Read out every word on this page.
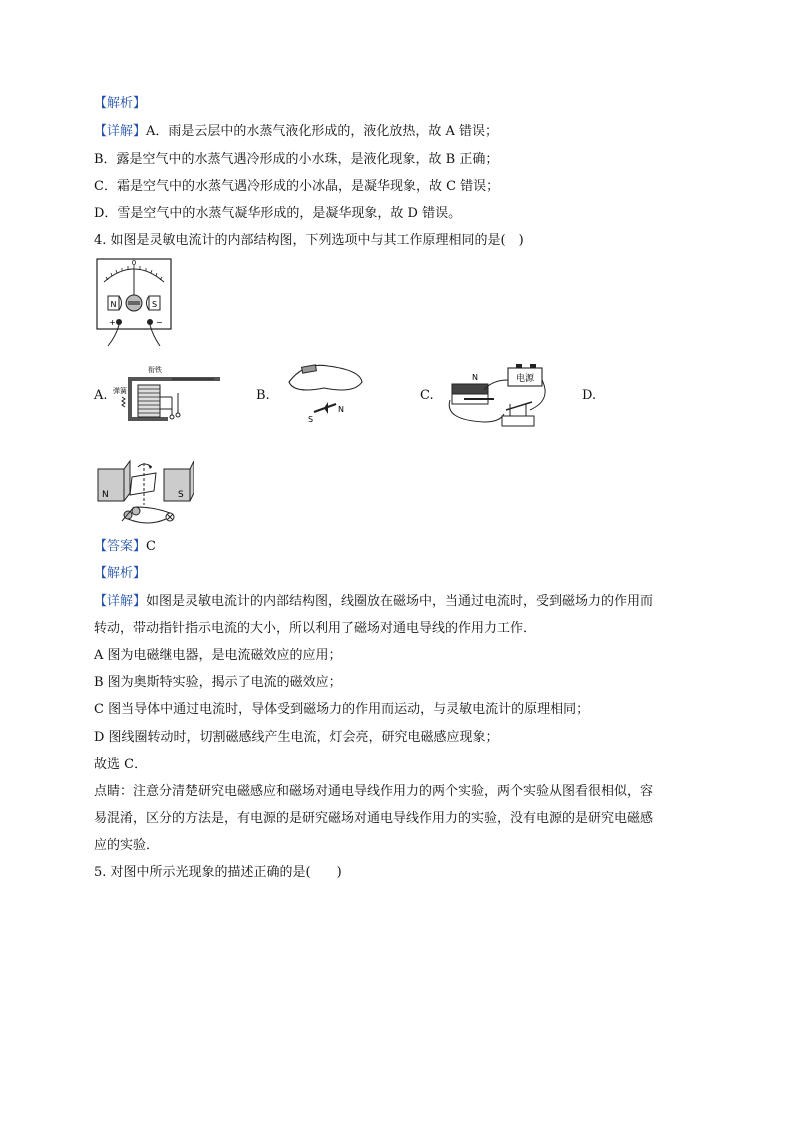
【解析】
【详解】A．雨是云层中的水蒸气液化形成的，液化放热，故 A 错误；
B．露是空气中的水蒸气遇冷形成的小水珠，是液化现象，故 B 正确；
C．霜是空气中的水蒸气遇冷形成的小冰晶，是凝华现象，故 C 错误；
D．雪是空气中的水蒸气凝华形成的，是凝华现象，故 D 错误。
4. 如图是灵敏电流计的内部结构图，下列选项中与其工作原理相同的是(　)
0
N	S
+	−
A.	B.	C.	D.
衔铁
弹簧
S
N
电源
N
N	S
【答案】C
【解析】
【详解】如图是灵敏电流计的内部结构图，线圈放在磁场中，当通过电流时，受到磁场力的作用而
转动，带动指针指示电流的大小，所以利用了磁场对通电导线的作用力工作．
A 图为电磁继电器，是电流磁效应的应用；
B 图为奥斯特实验，揭示了电流的磁效应；
C 图当导体中通过电流时，导体受到磁场力的作用而运动，与灵敏电流计的原理相同；
D 图线圈转动时，切割磁感线产生电流，灯会亮，研究电磁感应现象；
故选 C．
点睛：注意分清楚研究电磁感应和磁场对通电导线作用力的两个实验，两个实验从图看很相似，容
易混淆，区分的方法是，有电源的是研究磁场对通电导线作用力的实验，没有电源的是研究电磁感
应的实验．
5. 对图中所示光现象的描述正确的是(　　)
